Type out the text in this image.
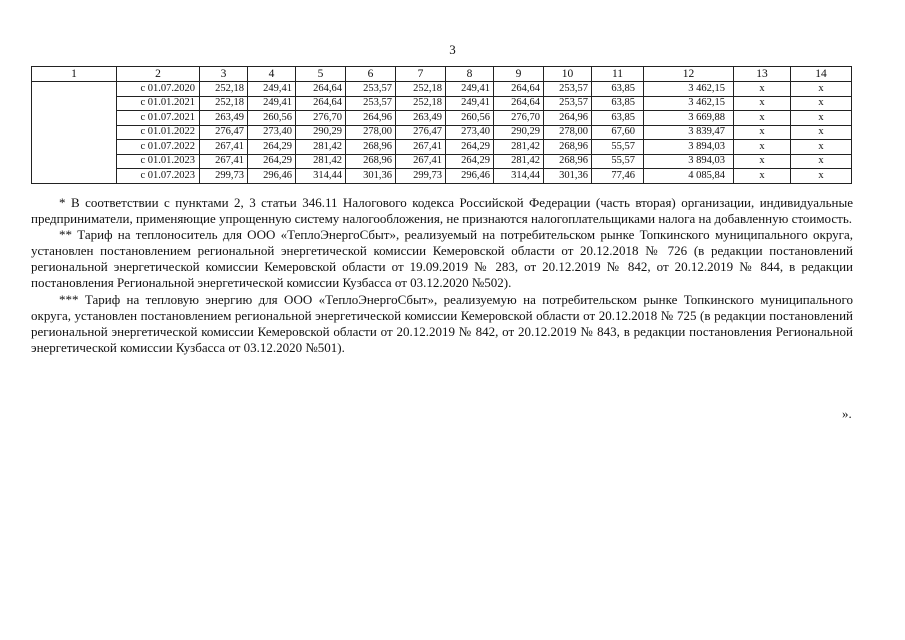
3
1	2	3	4	5	6	7	8	9	10	11	12	13	14
	с 01.07.2020	252,18	249,41	264,64	253,57	252,18	249,41	264,64	253,57	63,85	3 462,15	x	x
	с 01.01.2021	252,18	249,41	264,64	253,57	252,18	249,41	264,64	253,57	63,85	3 462,15	x	x
	с 01.07.2021	263,49	260,56	276,70	264,96	263,49	260,56	276,70	264,96	63,85	3 669,88	x	x
	с 01.01.2022	276,47	273,40	290,29	278,00	276,47	273,40	290,29	278,00	67,60	3 839,47	x	x
	с 01.07.2022	267,41	264,29	281,42	268,96	267,41	264,29	281,42	268,96	55,57	3 894,03	x	x
	с 01.01.2023	267,41	264,29	281,42	268,96	267,41	264,29	281,42	268,96	55,57	3 894,03	x	x
	с 01.07.2023	299,73	296,46	314,44	301,36	299,73	296,46	314,44	301,36	77,46	4 085,84	x	x

* В соответствии с пунктами 2, 3 статьи 346.11 Налогового кодекса Российской Федерации (часть вторая) организации, индивидуальные предприниматели, применяющие упрощенную систему налогообложения, не признаются налогоплательщиками налога на добавленную стоимость.

** Тариф на теплоноситель для ООО «ТеплоЭнергоСбыт», реализуемый на потребительском рынке Топкинского муниципального округа, установлен постановлением региональной энергетической комиссии Кемеровской области от 20.12.2018 № 726 (в редакции постановлений региональной энергетической комиссии Кемеровской области от 19.09.2019 № 283, от 20.12.2019 № 842, от 20.12.2019 № 844, в редакции постановления Региональной энергетической комиссии Кузбасса от 03.12.2020 №502).

*** Тариф на тепловую энергию для ООО «ТеплоЭнергоСбыт», реализуемую на потребительском рынке Топкинского муниципального округа, установлен постановлением региональной энергетической комиссии Кемеровской области от 20.12.2018 № 725 (в редакции постановлений региональной энергетической комиссии Кемеровской области от 20.12.2019 № 842, от 20.12.2019 № 843, в редакции постановления Региональной энергетической комиссии Кузбасса от 03.12.2020 №501).

».
